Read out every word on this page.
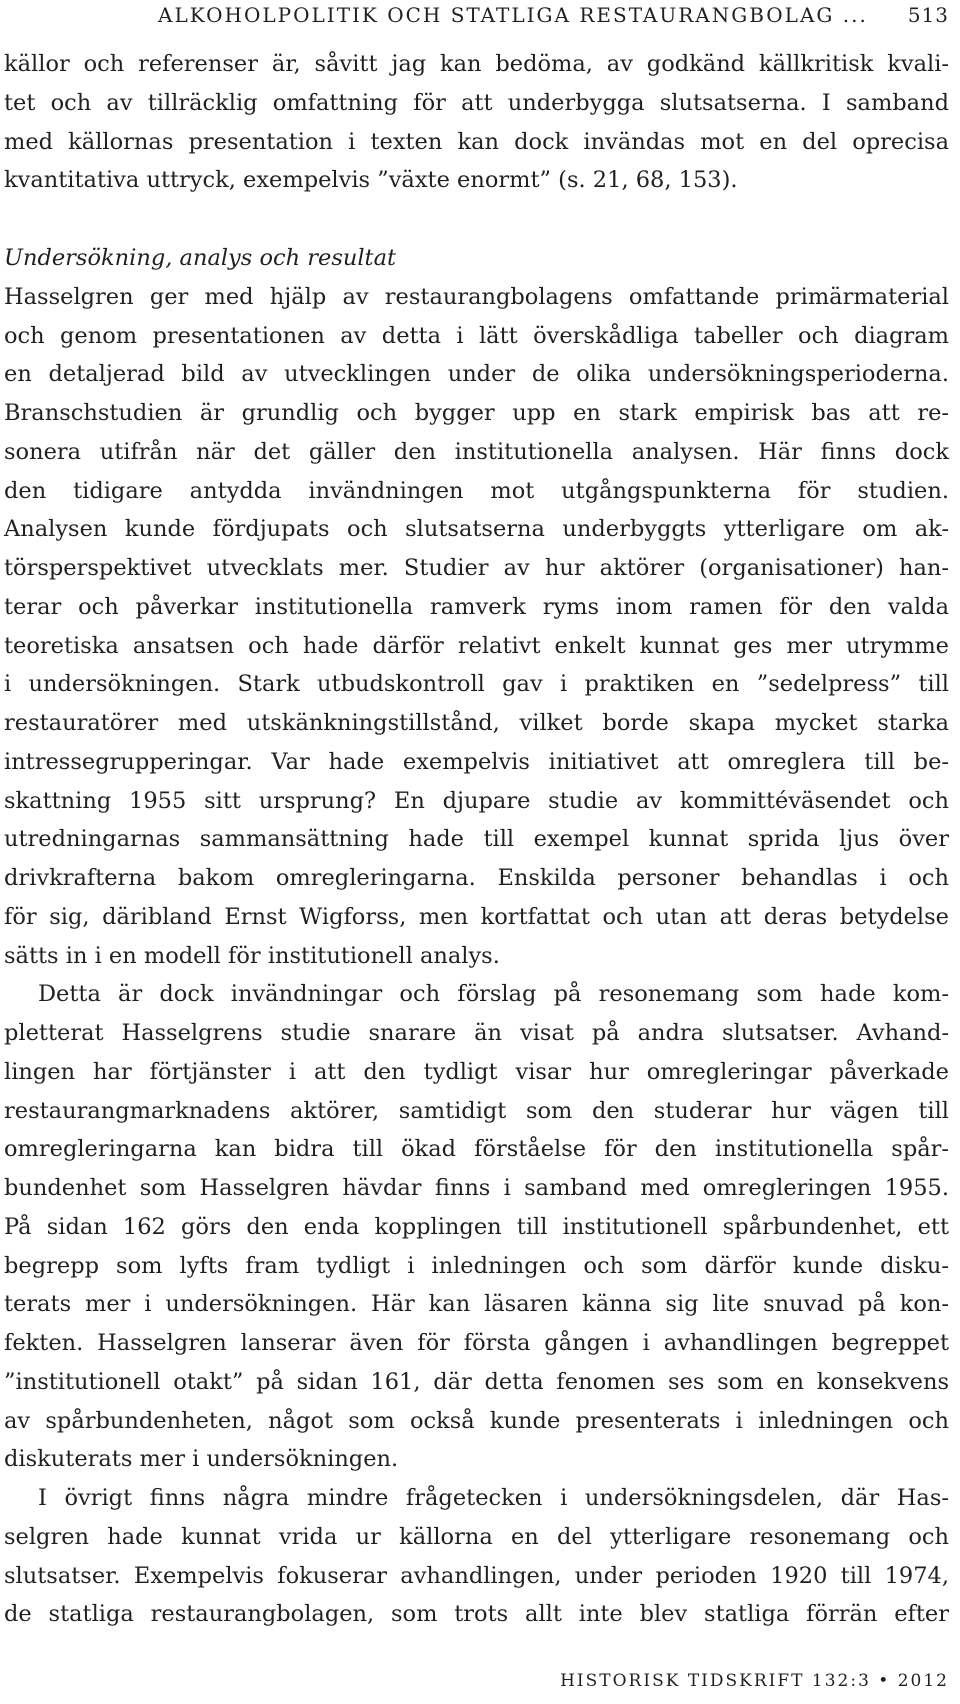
ALKOHOLPOLITIK OCH STATLIGA RESTAURANGBOLAG ... 513
källor och referenser är, såvitt jag kan bedöma, av godkänd källkritisk kvali-
tet och av tillräcklig omfattning för att underbygga slutsatserna. I samband
med källornas presentation i texten kan dock invändas mot en del oprecisa
kvantitativa uttryck, exempelvis ”växte enormt” (s. 21, 68, 153).
Undersökning, analys och resultat
Hasselgren ger med hjälp av restaurangbolagens omfattande primärmaterial
och genom presentationen av detta i lätt överskådliga tabeller och diagram
en detaljerad bild av utvecklingen under de olika undersökningsperioderna.
Branschstudien är grundlig och bygger upp en stark empirisk bas att re-
sonera utifrån när det gäller den institutionella analysen. Här finns dock
den tidigare antydda invändningen mot utgångspunkterna för studien.
Analysen kunde fördjupats och slutsatserna underbyggts ytterligare om ak-
törsperspektivet utvecklats mer. Studier av hur aktörer (organisationer) han-
terar och påverkar institutionella ramverk ryms inom ramen för den valda
teoretiska ansatsen och hade därför relativt enkelt kunnat ges mer utrymme
i undersökningen. Stark utbudskontroll gav i praktiken en ”sedelpress” till
restauratörer med utskänkningstillstånd, vilket borde skapa mycket starka
intressegrupperingar. Var hade exempelvis initiativet att omreglera till be-
skattning 1955 sitt ursprung? En djupare studie av kommittéväsendet och
utredningarnas sammansättning hade till exempel kunnat sprida ljus över
drivkrafterna bakom omregleringarna. Enskilda personer behandlas i och
för sig, däribland Ernst Wigforss, men kortfattat och utan att deras betydelse
sätts in i en modell för institutionell analys.
Detta är dock invändningar och förslag på resonemang som hade kom-
pletterat Hasselgrens studie snarare än visat på andra slutsatser. Avhand-
lingen har förtjänster i att den tydligt visar hur omregleringar påverkade
restaurangmarknadens aktörer, samtidigt som den studerar hur vägen till
omregleringarna kan bidra till ökad förståelse för den institutionella spår-
bundenhet som Hasselgren hävdar finns i samband med omregleringen 1955.
På sidan 162 görs den enda kopplingen till institutionell spårbundenhet, ett
begrepp som lyfts fram tydligt i inledningen och som därför kunde disku-
terats mer i undersökningen. Här kan läsaren känna sig lite snuvad på kon-
fekten. Hasselgren lanserar även för första gången i avhandlingen begreppet
”institutionell otakt” på sidan 161, där detta fenomen ses som en konsekvens
av spårbundenheten, något som också kunde presenterats i inledningen och
diskuterats mer i undersökningen.
I övrigt finns några mindre frågetecken i undersökningsdelen, där Has-
selgren hade kunnat vrida ur källorna en del ytterligare resonemang och
slutsatser. Exempelvis fokuserar avhandlingen, under perioden 1920 till 1974,
de statliga restaurangbolagen, som trots allt inte blev statliga förrän efter
HISTORISK TIDSKRIFT 132:3 • 2012
